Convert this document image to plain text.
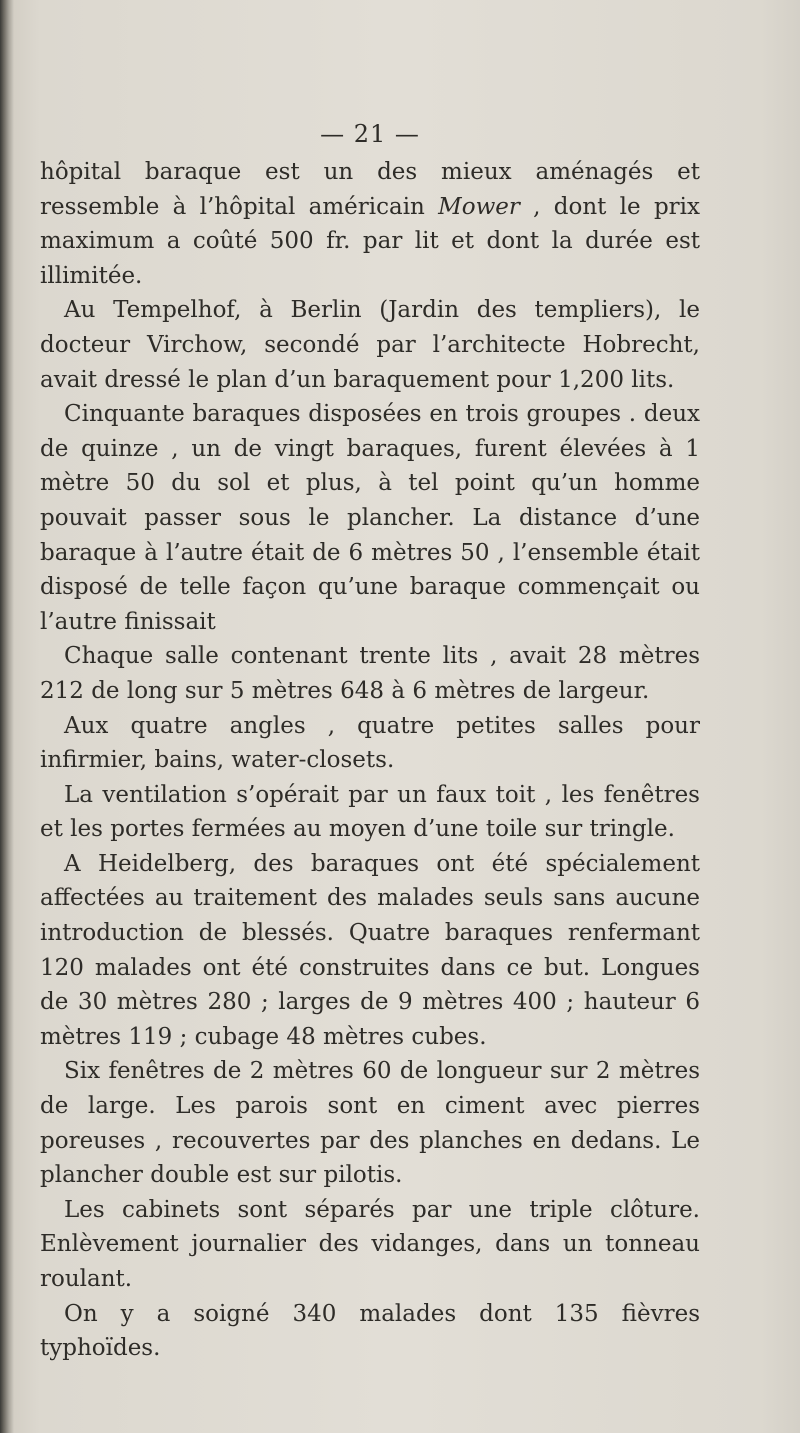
— 21 —

hôpital baraque est un des mieux aménagés et ressemble à l’hôpital américain Mower , dont le prix maximum a coûté 500 fr. par lit et dont la durée est illimitée.

Au Tempelhof, à Berlin (Jardin des templiers), le docteur Virchow, secondé par l’architecte Hobrecht, avait dressé le plan d’un baraquement pour 1,200 lits.

Cinquante baraques disposées en trois groupes . deux de quinze , un de vingt baraques, furent élevées à 1 mètre 50 du sol et plus, à tel point qu’un homme pouvait passer sous le plancher. La distance d’une baraque à l’autre était de 6 mètres 50 , l’ensemble était disposé de telle façon qu’une baraque commençait ou l’autre finissait

Chaque salle contenant trente lits , avait 28 mètres 212 de long sur 5 mètres 648 à 6 mètres de largeur.

Aux quatre angles , quatre petites salles pour infirmier, bains, water-closets.

La ventilation s’opérait par un faux toit , les fenêtres et les portes fermées au moyen d’une toile sur tringle.

A Heidelberg, des baraques ont été spécialement affectées au traitement des malades seuls sans aucune introduction de blessés. Quatre baraques renfermant 120 malades ont été construites dans ce but. Longues de 30 mètres 280 ; larges de 9 mètres 400 ; hauteur 6 mètres 119 ; cubage 48 mètres cubes.

Six fenêtres de 2 mètres 60 de longueur sur 2 mètres de large. Les parois sont en ciment avec pierres poreuses , recouvertes par des planches en dedans. Le plancher double est sur pilotis.

Les cabinets sont séparés par une triple clôture. Enlèvement journalier des vidanges, dans un tonneau roulant.

On y a soigné 340 malades dont 135 fièvres typhoïdes.
